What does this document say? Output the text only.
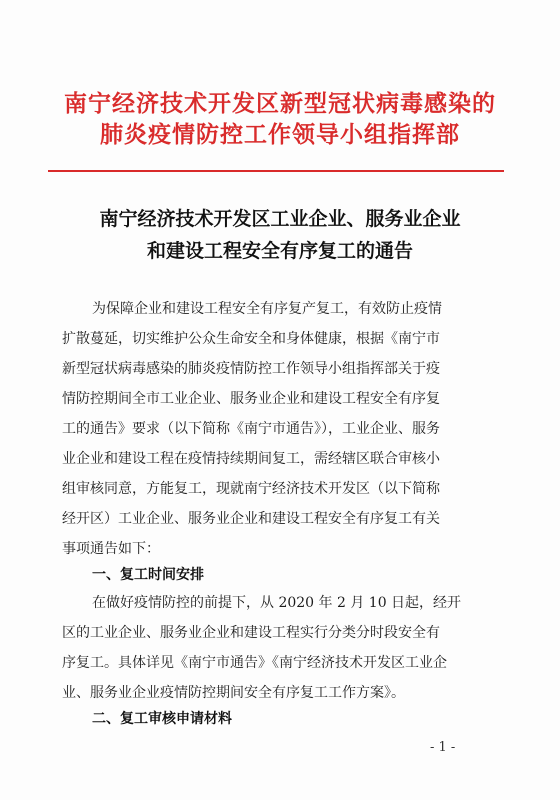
南宁经济技术开发区新型冠状病毒感染的
肺炎疫情防控工作领导小组指挥部
南宁经济技术开发区工业企业、服务业企业
和建设工程安全有序复工的通告
为保障企业和建设工程安全有序复产复工，有效防止疫情
扩散蔓延，切实维护公众生命安全和身体健康，根据《南宁市
新型冠状病毒感染的肺炎疫情防控工作领导小组指挥部关于疫
情防控期间全市工业企业、服务业企业和建设工程安全有序复
工的通告》要求（以下简称《南宁市通告》），工业企业、服务
业企业和建设工程在疫情持续期间复工，需经辖区联合审核小
组审核同意，方能复工，现就南宁经济技术开发区（以下简称
经开区）工业企业、服务业企业和建设工程安全有序复工有关
事项通告如下：
一、复工时间安排
在做好疫情防控的前提下，从 2020 年 2 月 10 日起，经开
区的工业企业、服务业企业和建设工程实行分类分时段安全有
序复工。具体详见《南宁市通告》《南宁经济技术开发区工业企
业、服务业企业疫情防控期间安全有序复工工作方案》。
二、复工审核申请材料
- 1 -
